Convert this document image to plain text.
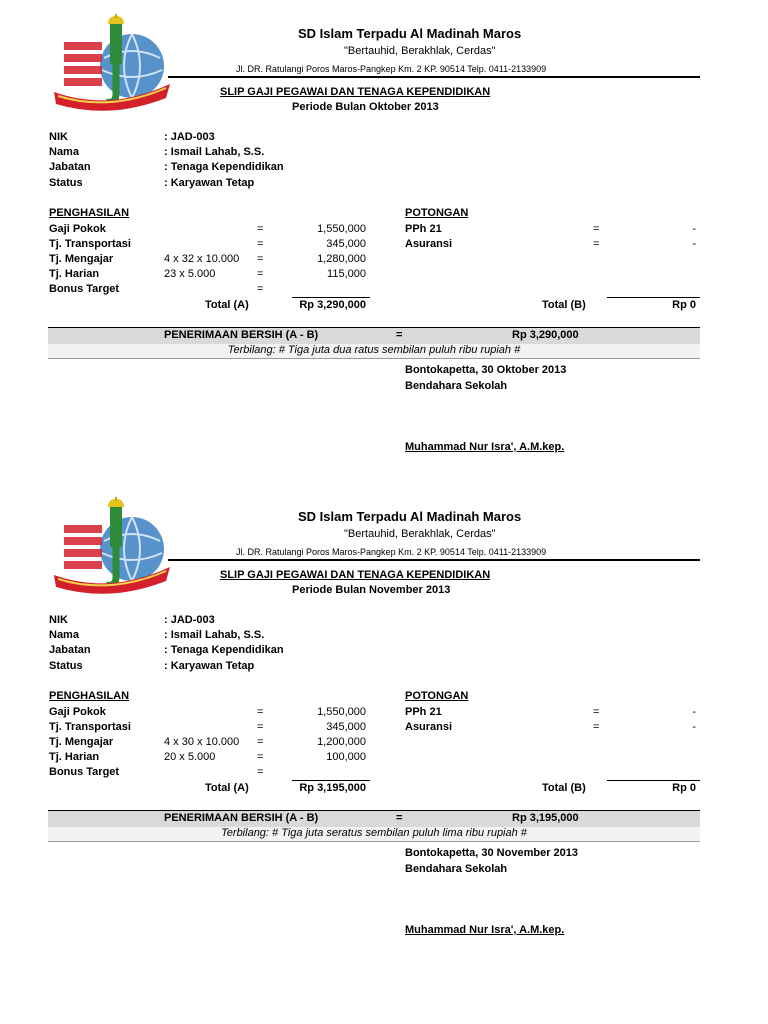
SD Islam Terpadu Al Madinah Maros
"Bertauhid, Berakhlak, Cerdas"
Jl. DR. Ratulangi Poros Maros-Pangkep Km. 2 KP. 90514 Telp. 0411-2133909
SLIP GAJI PEGAWAI DAN TENAGA KEPENDIDIKAN
Periode Bulan Oktober 2013
NIK	: JAD-003
Nama	: Ismail Lahab, S.S.
Jabatan	: Tenaga Kependidikan
Status	: Karyawan Tetap
PENGHASILAN	POTONGAN
Gaji Pokok	=	1,550,000
Tj. Transportasi	=	345,000
Tj. Mengajar	4 x 32 x 10.000 =	1,280,000
Tj. Harian	23 x 5.000	=	115,000
Bonus Target	=
PPh 21	=	-
Asuransi	=	-
Total (A)	Rp 3,290,000	Total (B)	Rp 0
PENERIMAAN BERSIH (A - B)	=	Rp 3,290,000
Terbilang: # Tiga juta dua ratus sembilan puluh ribu rupiah #
Bontokapetta, 30 Oktober 2013
Bendahara Sekolah
Muhammad Nur Isra', A.M.kep.
SD Islam Terpadu Al Madinah Maros
"Bertauhid, Berakhlak, Cerdas"
Jl. DR. Ratulangi Poros Maros-Pangkep Km. 2 KP. 90514 Telp. 0411-2133909
SLIP GAJI PEGAWAI DAN TENAGA KEPENDIDIKAN
Periode Bulan November 2013
NIK	: JAD-003
Nama	: Ismail Lahab, S.S.
Jabatan	: Tenaga Kependidikan
Status	: Karyawan Tetap
PENGHASILAN	POTONGAN
Gaji Pokok	=	1,550,000
Tj. Transportasi	=	345,000
Tj. Mengajar	4 x 30 x 10.000 =	1,200,000
Tj. Harian	20 x 5.000	=	100,000
Bonus Target	=
PPh 21	=	-
Asuransi	=	-
Total (A)	Rp 3,195,000	Total (B)	Rp 0
PENERIMAAN BERSIH (A - B)	=	Rp 3,195,000
Terbilang: # Tiga juta seratus sembilan puluh lima ribu rupiah #
Bontokapetta, 30 November 2013
Bendahara Sekolah
Muhammad Nur Isra', A.M.kep.
